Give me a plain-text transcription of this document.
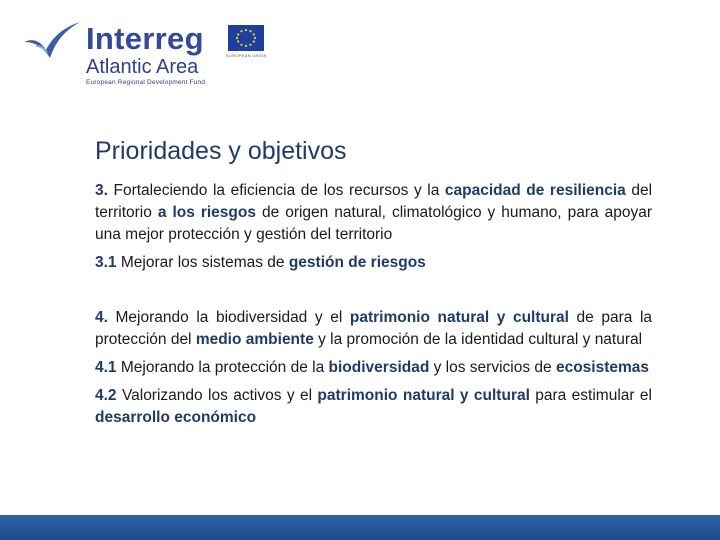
Interreg	EUROPEAN UNION
Atlantic Area
European Regional Development Fund
Prioridades y objetivos

3. Fortaleciendo la eficiencia de los recursos y la capacidad de resiliencia del territorio a los riesgos de origen natural, climatológico y humano, para apoyar una mejor protección y gestión del territorio

3.1 Mejorar los sistemas de gestión de riesgos

4. Mejorando la biodiversidad y el patrimonio natural y cultural de para la protección del medio ambiente y la promoción de la identidad cultural y natural

4.1 Mejorando la protección de la biodiversidad y los servicios de ecosistemas

4.2 Valorizando los activos y el patrimonio natural y cultural para estimular el desarrollo económico
